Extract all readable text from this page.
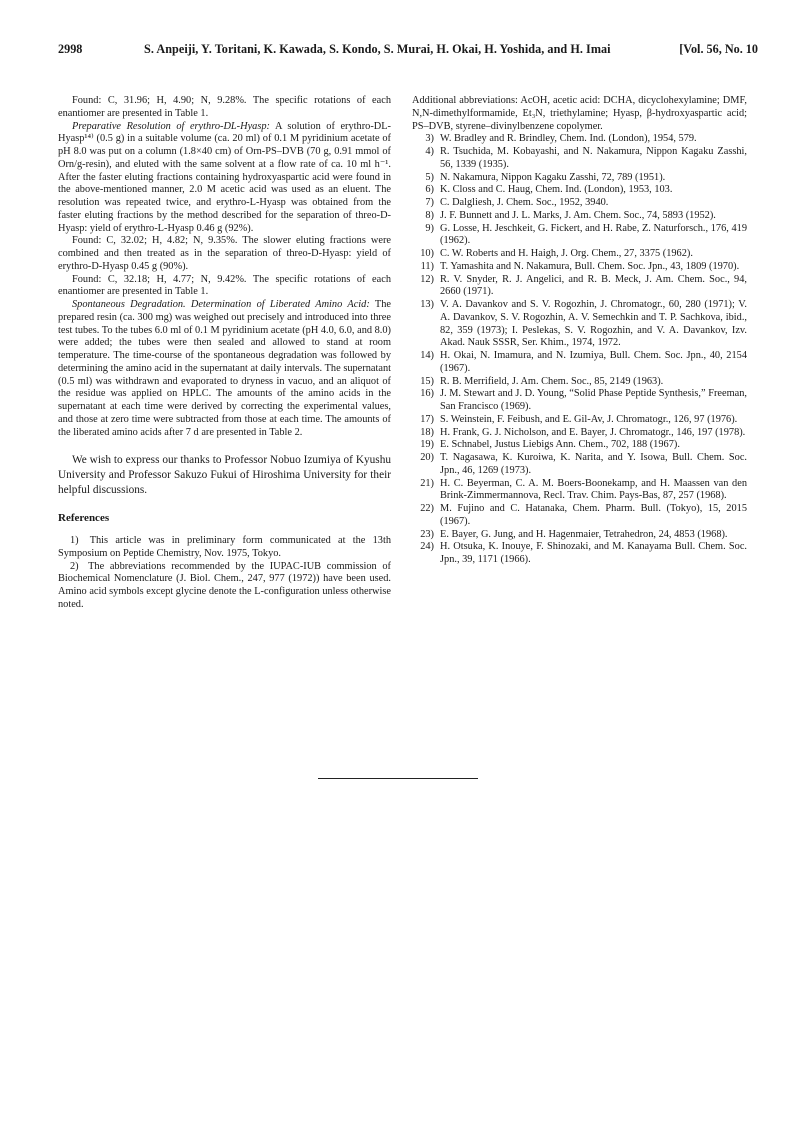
2998	S. Anpeiji, Y. Toritani, K. Kawada, S. Kondo, S. Murai, H. Okai, H. Yoshida, and H. Imai	[Vol. 56, No. 10

Found: C, 31.96; H, 4.90; N, 9.28%. The specific rotations of each enantiomer are presented in Table 1.

Preparative Resolution of erythro-DL-Hyasp: A solution of erythro-DL-Hyasp¹⁴⁾ (0.5 g) in a suitable volume (ca. 20 ml) of 0.1 M pyridinium acetate of pH 8.0 was put on a column (1.8×40 cm) of Orn-PS–DVB (70 g, 0.91 mmol of Orn/g-resin), and eluted with the same solvent at a flow rate of ca. 10 ml h⁻¹. After the faster eluting fractions containing hydroxyaspartic acid were found in the above-mentioned manner, 2.0 M acetic acid was used as an eluent. The resolution was repeated twice, and erythro-L-Hyasp was obtained from the faster eluting fractions by the method described for the separation of threo-D-Hyasp: yield of erythro-L-Hyasp 0.46 g (92%).

Found: C, 32.02; H, 4.82; N, 9.35%. The slower eluting fractions were combined and then treated as in the separation of threo-D-Hyasp: yield of erythro-D-Hyasp 0.45 g (90%).

Found: C, 32.18; H, 4.77; N, 9.42%. The specific rotations of each enantiomer are presented in Table 1.

Spontaneous Degradation. Determination of Liberated Amino Acid: The prepared resin (ca. 300 mg) was weighed out precisely and introduced into three test tubes. To the tubes 6.0 ml of 0.1 M pyridinium acetate (pH 4.0, 6.0, and 8.0) were added; the tubes were then sealed and allowed to stand at room temperature. The time-course of the spontaneous degradation was followed by determining the amino acid in the supernatant at daily intervals. The supernatant (0.5 ml) was withdrawn and evaporated to dryness in vacuo, and an aliquot of the residue was applied on HPLC. The amounts of the amino acids in the supernatant at each time were derived by correcting the experimental values, and those at zero time were subtracted from those at each time. The amounts of the liberated amino acids after 7 d are presented in Table 2.

We wish to express our thanks to Professor Nobuo Izumiya of Kyushu University and Professor Sakuzo Fukui of Hiroshima University for their helpful discussions.

References

1) This article was in preliminary form communicated at the 13th Symposium on Peptide Chemistry, Nov. 1975, Tokyo.

2) The abbreviations recommended by the IUPAC-IUB commission of Biochemical Nomenclature (J. Biol. Chem., 247, 977 (1972)) have been used. Amino acid symbols except glycine denote the L-configuration unless otherwise noted.

Additional abbreviations: AcOH, acetic acid: DCHA, dicyclohexylamine; DMF, N,N-dimethylformamide, Et₃N, triethylamine; Hyasp, β-hydroxyaspartic acid; PS–DVB, styrene–divinylbenzene copolymer.

3) W. Bradley and R. Brindley, Chem. Ind. (London), 1954, 579.

4) R. Tsuchida, M. Kobayashi, and N. Nakamura, Nippon Kagaku Zasshi, 56, 1339 (1935).

5) N. Nakamura, Nippon Kagaku Zasshi, 72, 789 (1951).

6) K. Closs and C. Haug, Chem. Ind. (London), 1953, 103.

7) C. Dalgliesh, J. Chem. Soc., 1952, 3940.

8) J. F. Bunnett and J. L. Marks, J. Am. Chem. Soc., 74, 5893 (1952).

9) G. Losse, H. Jeschkeit, G. Fickert, and H. Rabe, Z. Naturforsch., 176, 419 (1962).

10) C. W. Roberts and H. Haigh, J. Org. Chem., 27, 3375 (1962).

11) T. Yamashita and N. Nakamura, Bull. Chem. Soc. Jpn., 43, 1809 (1970).

12) R. V. Snyder, R. J. Angelici, and R. B. Meck, J. Am. Chem. Soc., 94, 2660 (1971).

13) V. A. Davankov and S. V. Rogozhin, J. Chromatogr., 60, 280 (1971); V. A. Davankov, S. V. Rogozhin, A. V. Semechkin and T. P. Sachkova, ibid., 82, 359 (1973); I. Peslekas, S. V. Rogozhin, and V. A. Davankov, Izv. Akad. Nauk SSSR, Ser. Khim., 1974, 1972.

14) H. Okai, N. Imamura, and N. Izumiya, Bull. Chem. Soc. Jpn., 40, 2154 (1967).

15) R. B. Merrifield, J. Am. Chem. Soc., 85, 2149 (1963).

16) J. M. Stewart and J. D. Young, “Solid Phase Peptide Synthesis,” Freeman, San Francisco (1969).

17) S. Weinstein, F. Feibush, and E. Gil-Av, J. Chromatogr., 126, 97 (1976).

18) H. Frank, G. J. Nicholson, and E. Bayer, J. Chromatogr., 146, 197 (1978).

19) E. Schnabel, Justus Liebigs Ann. Chem., 702, 188 (1967).

20) T. Nagasawa, K. Kuroiwa, K. Narita, and Y. Isowa, Bull. Chem. Soc. Jpn., 46, 1269 (1973).

21) H. C. Beyerman, C. A. M. Boers-Boonekamp, and H. Maassen van den Brink-Zimmermannova, Recl. Trav. Chim. Pays-Bas, 87, 257 (1968).

22) M. Fujino and C. Hatanaka, Chem. Pharm. Bull. (Tokyo), 15, 2015 (1967).

23) E. Bayer, G. Jung, and H. Hagenmaier, Tetrahedron, 24, 4853 (1968).

24) H. Otsuka, K. Inouye, F. Shinozaki, and M. Kanayama Bull. Chem. Soc. Jpn., 39, 1171 (1966).
